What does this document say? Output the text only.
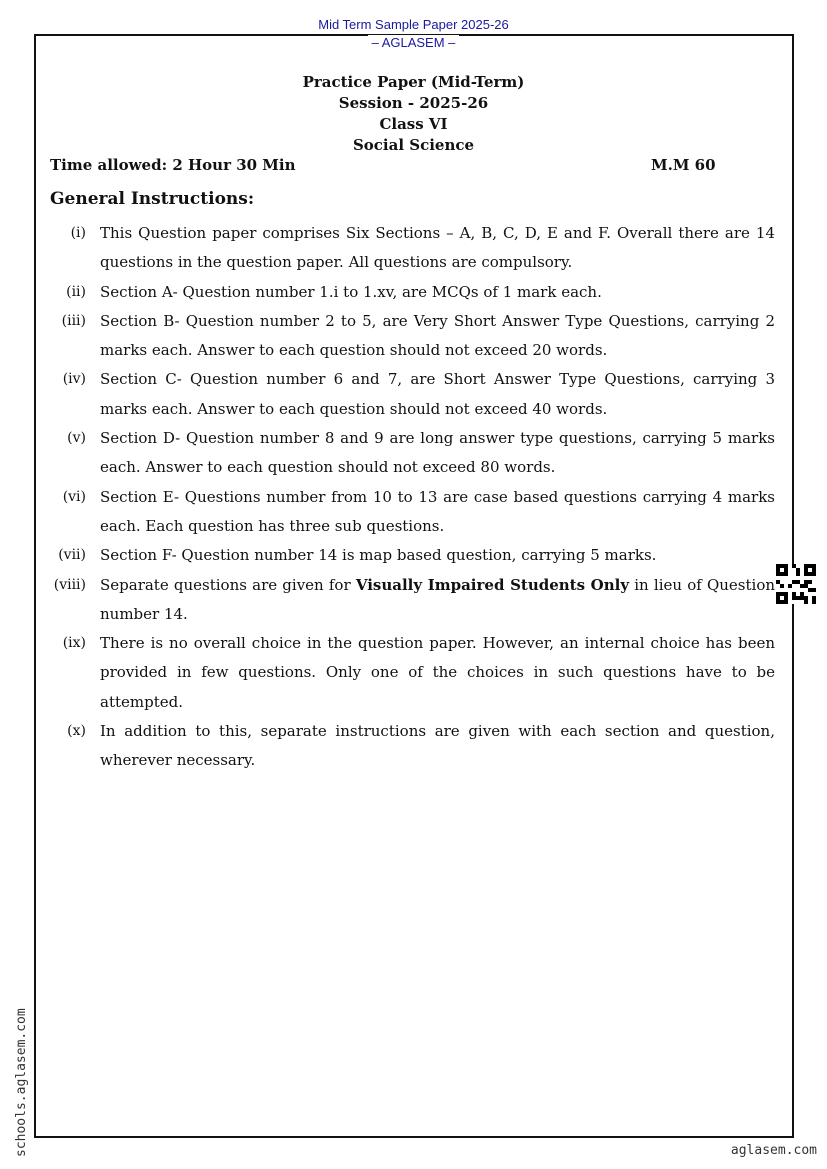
Mid Term Sample Paper 2025-26
– AGLASEM –
Practice Paper (Mid-Term)
Session - 2025-26
Class VI
Social Science
Time allowed: 2 Hour 30 Min	M.M 60
General Instructions:
(i) This Question paper comprises Six Sections – A, B, C, D, E and F. Overall there are 14 questions in the question paper. All questions are compulsory.
(ii) Section A- Question number 1.i to 1.xv, are MCQs of 1 mark each.
(iii) Section B- Question number 2 to 5, are Very Short Answer Type Questions, carrying 2 marks each. Answer to each question should not exceed 20 words.
(iv) Section C- Question number 6 and 7, are Short Answer Type Questions, carrying 3 marks each. Answer to each question should not exceed 40 words.
(v) Section D- Question number 8 and 9 are long answer type questions, carrying 5 marks each. Answer to each question should not exceed 80 words.
(vi) Section E- Questions number from 10 to 13 are case based questions carrying 4 marks each. Each question has three sub questions.
(vii) Section F- Question number 14 is map based question, carrying 5 marks.
(viii) Separate questions are given for Visually Impaired Students Only in lieu of Question number 14.
(ix) There is no overall choice in the question paper. However, an internal choice has been provided in few questions. Only one of the choices in such questions have to be attempted.
(x) In addition to this, separate instructions are given with each section and question, wherever necessary.
schools.aglasem.com	aglasem.com
